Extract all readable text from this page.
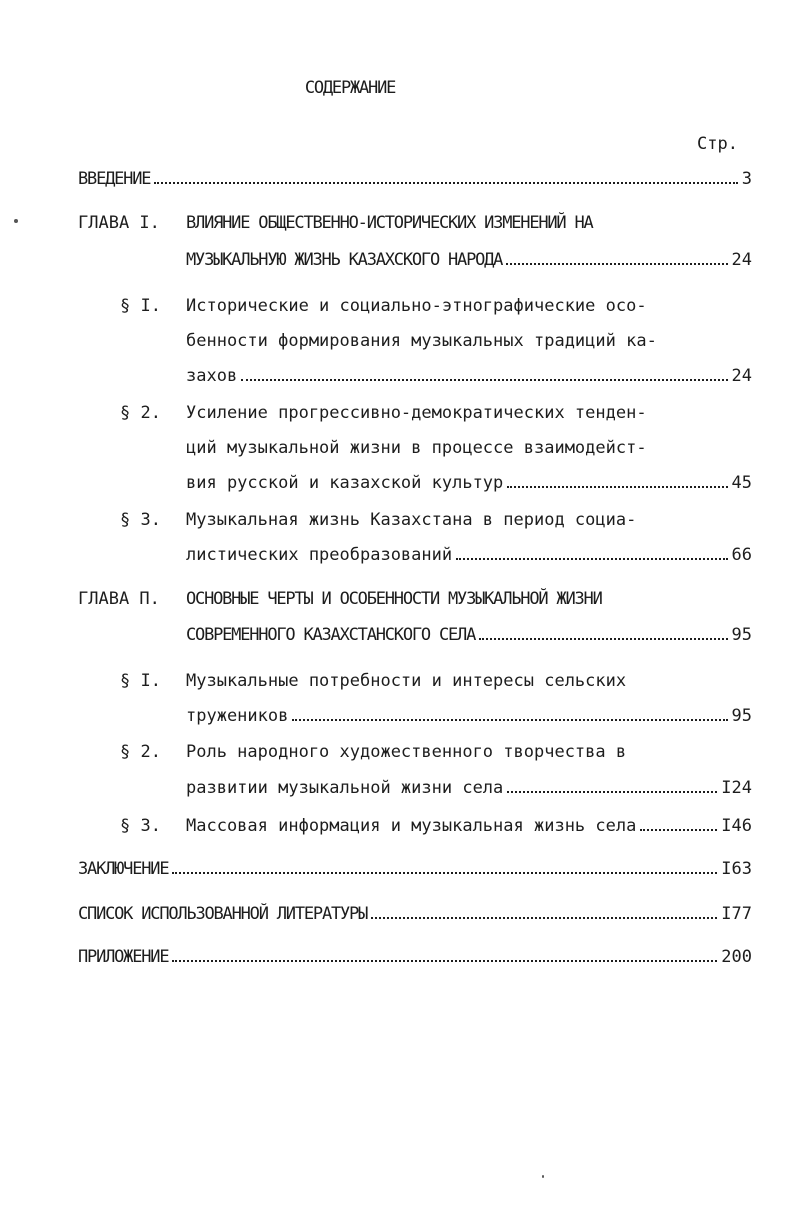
СОДЕРЖАНИЕ
Стр.
ВВЕДЕНИЕ	3
ГЛАВА I. ВЛИЯНИЕ ОБЩЕСТВЕННО-ИСТОРИЧЕСКИХ ИЗМЕНЕНИЙ НА
МУЗЫКАЛЬНУЮ ЖИЗНЬ КАЗАХСКОГО НАРОДА	24
§ I. Исторические и социально-этнографические осо-
бенности формирования музыкальных традиций ка-
захов	24
§ 2. Усиление прогрессивно-демократических тенден-
ций музыкальной жизни в процессе взаимодейст-
вия русской и казахской культур	45
§ 3. Музыкальная жизнь Казахстана в период социа-
листических преобразований	66
ГЛАВА П. ОСНОВНЫЕ ЧЕРТЫ И ОСОБЕННОСТИ МУЗЫКАЛЬНОЙ ЖИЗНИ
СОВРЕМЕННОГО КАЗАХСТАНСКОГО СЕЛА	95
§ I. Музыкальные потребности и интересы сельских
тружеников	95
§ 2. Роль народного художественного творчества в
развитии музыкальной жизни села	I24
§ 3. Массовая информация и музыкальная жизнь села	I46
ЗАКЛЮЧЕНИЕ	I63
СПИСОК ИСПОЛЬЗОВАННОЙ ЛИТЕРАТУРЫ	I77
ПРИЛОЖЕНИЕ	200
